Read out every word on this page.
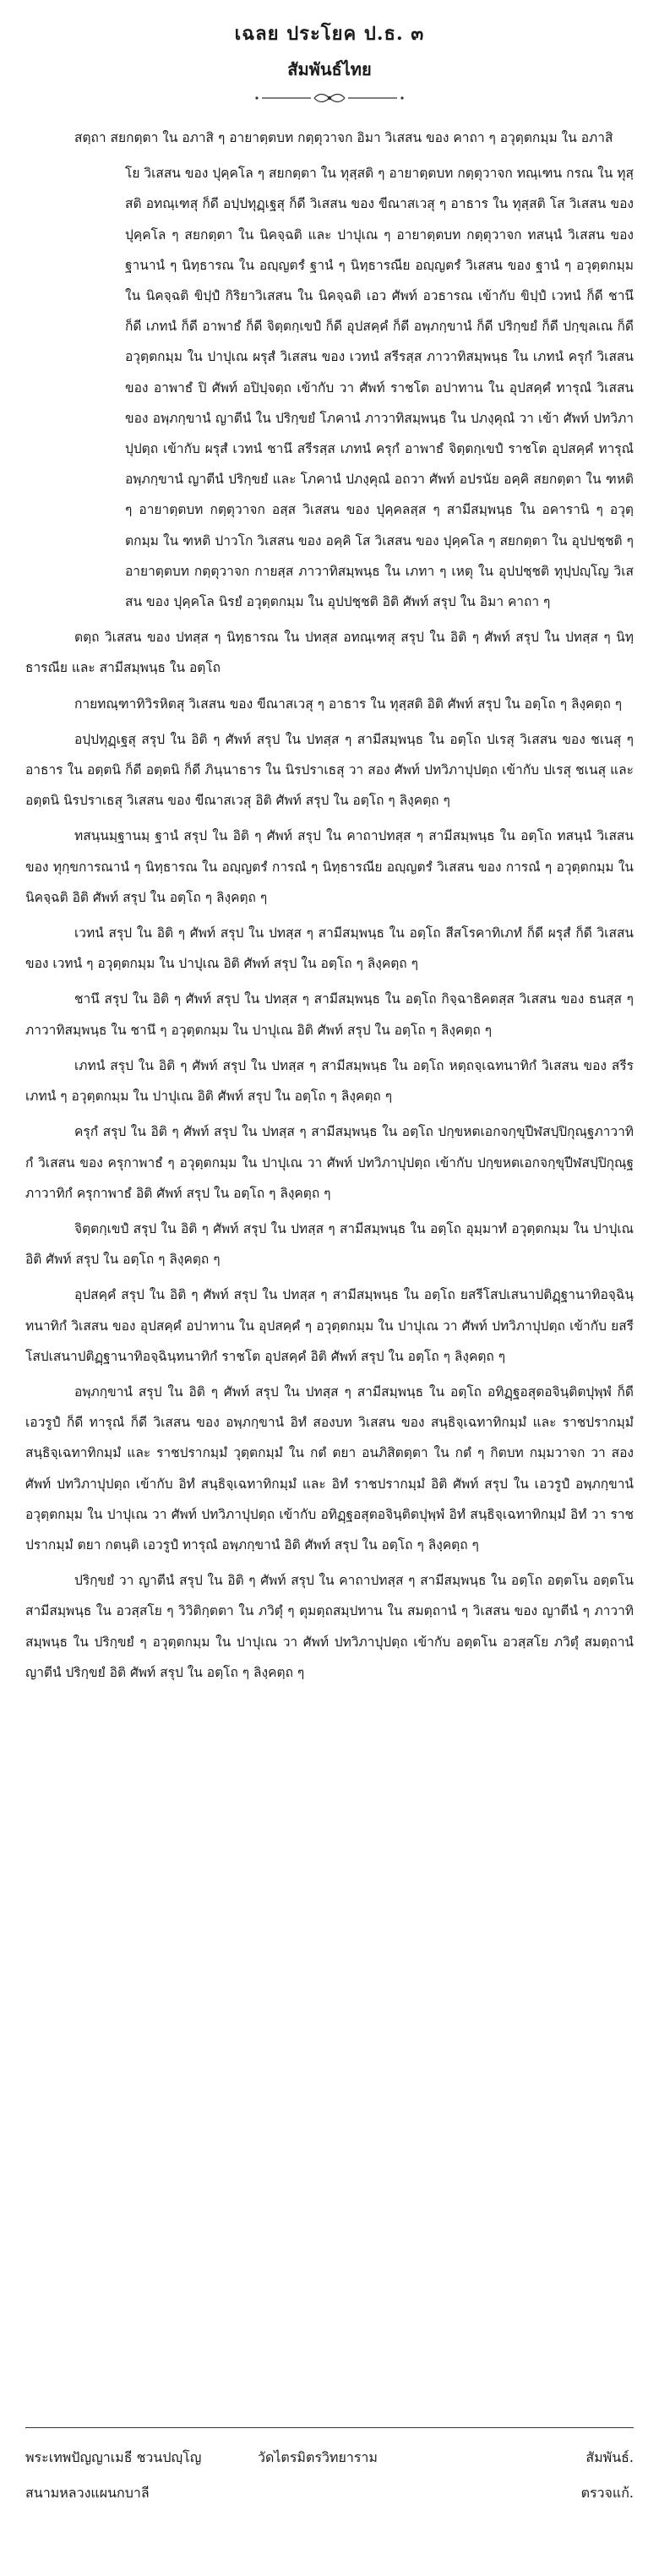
เฉลย ประโยค ป.ธ. ๓
สัมพันธ์ไทย

สตฺถา สยกตฺตา ใน อภาสิ ๆ อายาตฺตบท กตฺตุวาจก อิมา วิเสสน ของ คาถา ๆ อวุตฺตกมฺม ใน อภาสิ

โย วิเสสน ของ ปุคฺคโล ๆ สยกตฺตา ใน ทุสฺสติ ๆ อายาตฺตบท กตฺตุวาจก ทณฺเฑน กรณ ใน ทุสฺสติ อทณฺเฑสุ ก็ดี อปฺปทุฏฺเฐสุ ก็ดี วิเสสน ของ ขีณาสเวสุ ๆ อาธาร ใน ทุสฺสติ โส วิเสสน ของ ปุคฺคโล ๆ สยกตฺตา ใน นิคจฺฉติ และ ปาปุเณ ๆ อายาตฺตบท กตฺตุวาจก ทสนฺนํ วิเสสน ของ ฐานานํ ๆ นิทฺธารณ ใน อญฺญตรํ ฐานํ ๆ นิทฺธารณีย อญฺญตรํ วิเสสน ของ ฐานํ ๆ อวุตฺตกมฺม ใน นิคจฺฉติ ขิปฺปํ กิริยาวิเสสน ใน นิคจฺฉติ เอว ศัพท์ อวธารณ เข้ากับ ขิปฺปํ เวทนํ ก็ดี ชานึ ก็ดี เภทนํ ก็ดี อาพาธํ ก็ดี จิตฺตกฺเขปํ ก็ดี อุปสคฺคํ ก็ดี อพฺภกฺขานํ ก็ดี ปริกฺขยํ ก็ดี ปกฺขฺลเณ ก็ดี อวุตฺตกมฺม ใน ปาปุเณ ผรุสํ วิเสสน ของ เวทนํ สรีรสฺส ภาวาทิสมฺพนฺธ ใน เภทนํ ครุกํ วิเสสน ของ อาพาธํ ปิ ศัพท์ อปิปฺจตฺถ เข้ากับ วา ศัพท์ ราชโต อปาทาน ใน อุปสคฺคํ ทารุณํ วิเสสน ของ อพฺภกฺขานํ ญาตีนํ ใน ปริกฺขยํ โภคานํ ภาวาทิสมฺพนฺธ ใน ปภงฺคุณํ วา เข้า ศัพท์ ปทวิภาปุปตฺถ เข้ากับ ผรุสํ เวทนํ ชานึ สรีรสฺส เภทนํ ครุกํ อาพาธํ จิตฺตกฺเขปํ ราชโต อุปสคฺคํ ทารุณํ อพฺภกฺขานํ ญาตีนํ ปริกฺขยํ และ โภคานํ ปภงฺคุณํ อถวา ศัพท์ อปรนัย อคฺคิ สยกตฺตา ใน ฑหติ ๆ อายาตฺตบท กตฺตุวาจก อสฺส วิเสสน ของ ปุคฺคลสฺส ๆ สามีสมฺพนฺธ ใน อคารานิ ๆ อวุตฺตกมฺม ใน ฑหติ ปาวโก วิเสสน ของ อคฺคิ โส วิเสสน ของ ปุคฺคโล ๆ สยกตฺตา ใน อุปปชฺชติ ๆ อายาตฺตบท กตฺตุวาจก กายสฺส ภาวาทิสมฺพนฺธ ใน เภทา ๆ เหตุ ใน อุปปชฺชติ ทุปฺปญฺโญ วิเสสน ของ ปุคฺคโล นิรยํ อวุตฺตกมฺม ใน อุปปชฺชติ อิติ ศัพท์ สรุป ใน อิมา คาถา ๆ

ตตฺถ วิเสสน ของ ปทสฺส ๆ นิทฺธารณ ใน ปทสฺส อทณฺเฑสุ สรุป ใน อิติ ๆ ศัพท์ สรุป ใน ปทสฺส ๆ นิทฺธารณีย และ สามีสมฺพนฺธ ใน อตฺโถ

กายทณฺฑาทิวิรหิตสุ วิเสสน ของ ขีณาสเวสุ ๆ อาธาร ใน ทุสฺสติ อิติ ศัพท์ สรุป ใน อตฺโถ ๆ ลิงฺคตฺถ ๆ

อปฺปทุฏฺเฐสุ สรุป ใน อิติ ๆ ศัพท์ สรุป ใน ปทสฺส ๆ สามีสมฺพนฺธ ใน อตฺโถ ปเรสุ วิเสสน ของ ชเนสุ ๆ อาธาร ใน อตฺตนิ ก็ดี อตฺตนิ ก็ดี ภินฺนาธาร ใน นิรปราเธสุ วา สอง ศัพท์ ปทวิภาปุปตฺถ เข้ากับ ปเรสุ ชเนสุ และ อตฺตนิ นิรปราเธสุ วิเสสน ของ ขีณาสเวสุ อิติ ศัพท์ สรุป ใน อตฺโถ ๆ ลิงฺคตฺถ ๆ

ทสนฺนมฺฐานมฺ ฐานํ สรุป ใน อิติ ๆ ศัพท์ สรุป ใน คาถาปทสฺส ๆ สามีสมฺพนฺธ ใน อตฺโถ ทสนฺนํ วิเสสน ของ ทุกฺขการณานํ ๆ นิทฺธารณ ใน อญฺญตรํ การณํ ๆ นิทฺธารณีย อญฺญตรํ วิเสสน ของ การณํ ๆ อวุตฺตกมฺม ใน นิคจฺฉติ อิติ ศัพท์ สรุป ใน อตฺโถ ๆ ลิงฺคตฺถ ๆ

เวทนํ สรุป ใน อิติ ๆ ศัพท์ สรุป ใน ปทสฺส ๆ สามีสมฺพนฺธ ใน อตฺโถ สีสโรคาทิเภทํ ก็ดี ผรุสํ ก็ดี วิเสสน ของ เวทนํ ๆ อวุตฺตกมฺม ใน ปาปุเณ อิติ ศัพท์ สรุป ใน อตฺโถ ๆ ลิงฺคตฺถ ๆ

ชานึ สรุป ใน อิติ ๆ ศัพท์ สรุป ใน ปทสฺส ๆ สามีสมฺพนฺธ ใน อตฺโถ กิจฺฉาธิคตสฺส วิเสสน ของ ธนสฺส ๆ ภาวาทิสมฺพนฺธ ใน ชานึ ๆ อวุตฺตกมฺม ใน ปาปุเณ อิติ ศัพท์ สรุป ใน อตฺโถ ๆ ลิงฺคตฺถ ๆ

เภทนํ สรุป ใน อิติ ๆ ศัพท์ สรุป ใน ปทสฺส ๆ สามีสมฺพนฺธ ใน อตฺโถ หตฺถจฺเฉทนาทิกํ วิเสสน ของ สรีรเภทนํ ๆ อวุตฺตกมฺม ใน ปาปุเณ อิติ ศัพท์ สรุป ใน อตฺโถ ๆ ลิงฺคตฺถ ๆ

ครุกํ สรุป ใน อิติ ๆ ศัพท์ สรุป ใน ปทสฺส ๆ สามีสมฺพนฺธ ใน อตฺโถ ปกฺขหตเอกจกฺขุปีฬสปฺปิกุณฺฐภาวาทิกํ วิเสสน ของ ครุกาพาธํ ๆ อวุตฺตกมฺม ใน ปาปุเณ วา ศัพท์ ปทวิภาปุปตฺถ เข้ากับ ปกฺขหตเอกจกฺขุปีฬสปฺปิกุณฺฐภาวาทิกํ ครุกาพาธํ อิติ ศัพท์ สรุป ใน อตฺโถ ๆ ลิงฺคตฺถ ๆ

จิตฺตกฺเขปํ สรุป ใน อิติ ๆ ศัพท์ สรุป ใน ปทสฺส ๆ สามีสมฺพนฺธ ใน อตฺโถ อุมฺมาทํ อวุตฺตกมฺม ใน ปาปุเณ อิติ ศัพท์ สรุป ใน อตฺโถ ๆ ลิงฺคตฺถ ๆ

อุปสคฺคํ สรุป ใน อิติ ๆ ศัพท์ สรุป ใน ปทสฺส ๆ สามีสมฺพนฺธ ใน อตฺโถ ยสรีโสปเสนาปติฏฺฐานาทิอจฺฉินฺทนาทิกํ วิเสสน ของ อุปสคฺคํ อปาทาน ใน อุปสคฺคํ ๆ อวุตฺตกมฺม ใน ปาปุเณ วา ศัพท์ ปทวิภาปุปตฺถ เข้ากับ ยสรีโสปเสนาปติฏฺฐานาทิอจฺฉินฺทนาทิกํ ราชโต อุปสคฺคํ อิติ ศัพท์ สรุป ใน อตฺโถ ๆ ลิงฺคตฺถ ๆ

อพฺภกฺขานํ สรุป ใน อิติ ๆ ศัพท์ สรุป ใน ปทสฺส ๆ สามีสมฺพนฺธ ใน อตฺโถ อทิฏฺฐอสุตอจินฺติตปุพฺพํ ก็ดี เอวรูปํ ก็ดี ทารุณํ ก็ดี วิเสสน ของ อพฺภกฺขานํ อิทํ สองบท วิเสสน ของ สนฺธิจฺเฉทาทิกมฺมํ และ ราชปรากมฺมํ สนฺธิจฺเฉทาทิกมฺมํ และ ราชปรากมฺมํ วุตฺตกมฺมํ ใน กตํ ตยา อนภิสิตตฺตา ใน กตํ ๆ กิตบท กมฺมวาจก วา สองศัพท์ ปทวิภาปุปตฺถ เข้ากับ อิทํ สนฺธิจฺเฉทาทิกมฺมํ และ อิทํ ราชปรากมฺมํ อิติ ศัพท์ สรุป ใน เอวรูปํ อพฺภกฺขานํ อวุตฺตกมฺม ใน ปาปุเณ วา ศัพท์ ปทวิภาปุปตฺถ เข้ากับ อทิฏฺฐอสุตอจินฺติตปุพฺพํ อิทํ สนฺธิจฺเฉทาทิกมฺมํ อิทํ วา ราชปรากมฺมํ ตยา กตนฺติ เอวรูปํ ทารุณํ อพฺภกฺขานํ อิติ ศัพท์ สรุป ใน อตฺโถ ๆ ลิงฺคตฺถ ๆ

ปริกฺขยํ วา ญาตีนํ สรุป ใน อิติ ๆ ศัพท์ สรุป ใน คาถาปทสฺส ๆ สามีสมฺพนฺธ ใน อตฺโถ อตฺตโน อตฺตโน สามีสมฺพนฺธ ใน อวสฺสโย ๆ วิวิติกฺตตา ใน ภวิตุํ ๆ ตุมตฺถสมฺปทาน ใน สมตฺถานํ ๆ วิเสสน ของ ญาตีนํ ๆ ภาวาทิสมฺพนฺธ ใน ปริกฺขยํ ๆ อวุตฺตกมฺม ใน ปาปุเณ วา ศัพท์ ปทวิภาปุปตฺถ เข้ากับ อตฺตโน อวสฺสโย ภวิตุํ สมตฺถานํ ญาตีนํ ปริกฺขยํ อิติ ศัพท์ สรุป ใน อตฺโถ ๆ ลิงฺคตฺถ ๆ

พระเทพปัญญาเมธี ชวนปญฺโญ	วัดไตรมิตรวิทยาราม	สัมพันธ์.
สนามหลวงแผนกบาลี	ตรวจแก้.
